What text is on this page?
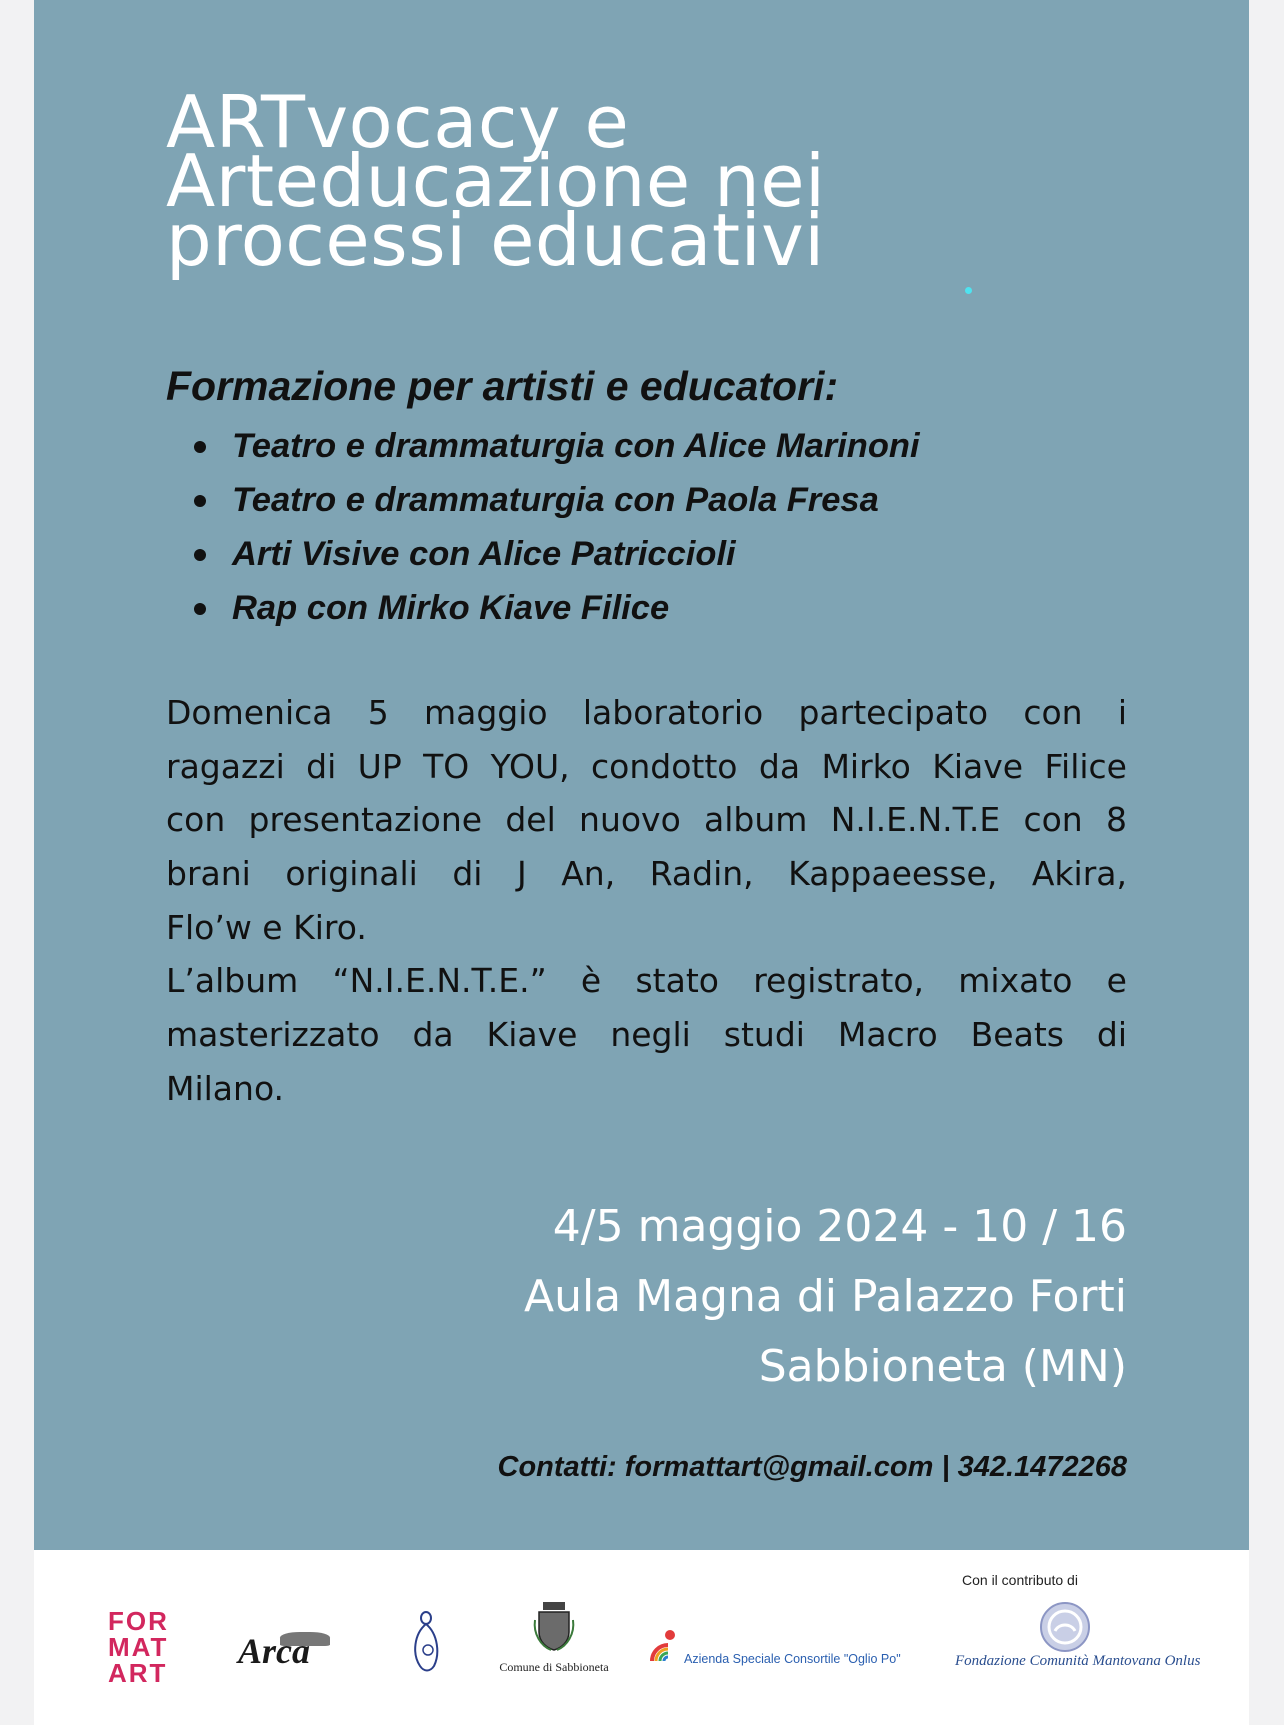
ARTvocacy e
Arteducazione nei
processi educativi
Formazione per artisti e educatori:
Teatro e drammaturgia con Alice Marinoni
Teatro e drammaturgia con Paola Fresa
Arti Visive con Alice Patricciolі
Rap con Mirko Kiave Filice
Domenica 5 maggio laboratorio partecipato con i
ragazzi di UP TO YOU, condotto da Mirko Kiave Filice
con presentazione del nuovo album N.I.E.N.T.E con 8
brani originali di J An, Radin, Kappaeesse, Akira,
Flo’w e Kiro.
L’album “N.I.E.N.T.E.” è stato registrato, mixato e
masterizzato da Kiave negli studi Macro Beats di
Milano.
4/5 maggio 2024 - 10 / 16
Aula Magna di Palazzo Forti
Sabbioneta (MN)
Contatti: formattart@gmail.com | 342.1472268
Con il contributo di
FOR
MAT
ART
Arca	Comune di Sabbioneta
Azienda Speciale Consortile "Oglio Po"	Fondazione Comunità Mantovana Onlus
